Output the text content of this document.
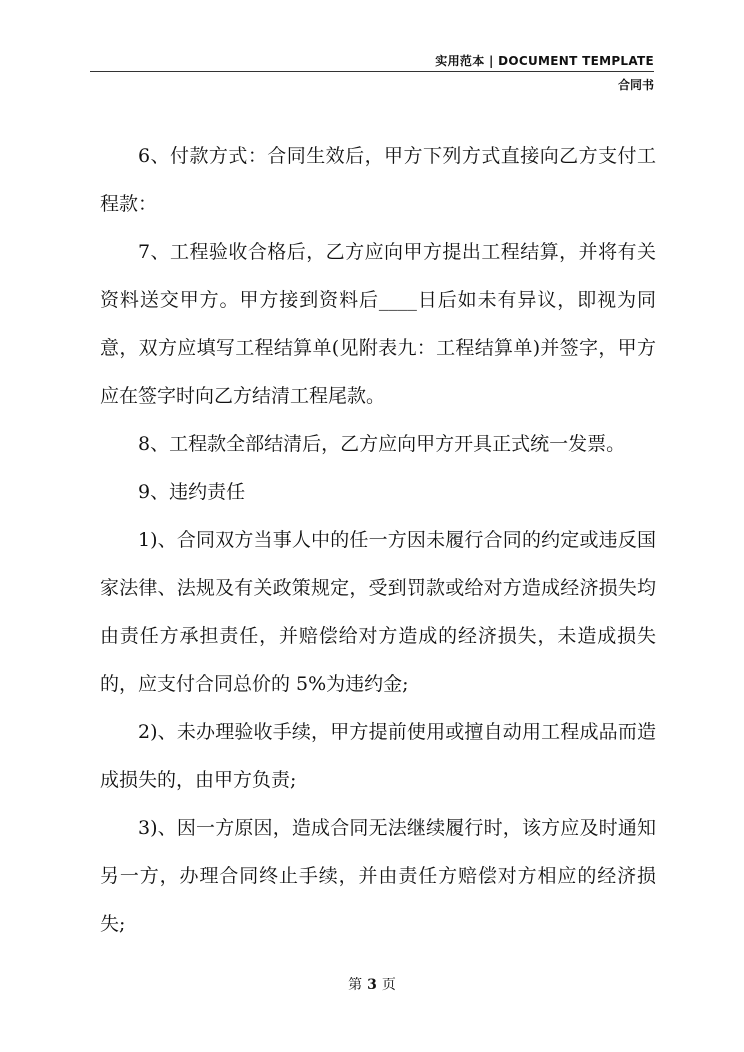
实用范本 | DOCUMENT TEMPLATE
合同书

6、付款方式：合同生效后，甲方下列方式直接向乙方支付工程款：

7、工程验收合格后，乙方应向甲方提出工程结算，并将有关资料送交甲方。甲方接到资料后____日后如未有异议，即视为同意，双方应填写工程结算单(见附表九：工程结算单)并签字，甲方应在签字时向乙方结清工程尾款。

8、工程款全部结清后，乙方应向甲方开具正式统一发票。

9、违约责任

1)、合同双方当事人中的任一方因未履行合同的约定或违反国家法律、法规及有关政策规定，受到罚款或给对方造成经济损失均由责任方承担责任，并赔偿给对方造成的经济损失，未造成损失的，应支付合同总价的 5%为违约金;

2)、未办理验收手续，甲方提前使用或擅自动用工程成品而造成损失的，由甲方负责;

3)、因一方原因，造成合同无法继续履行时，该方应及时通知另一方，办理合同终止手续，并由责任方赔偿对方相应的经济损失;

第 3 页
